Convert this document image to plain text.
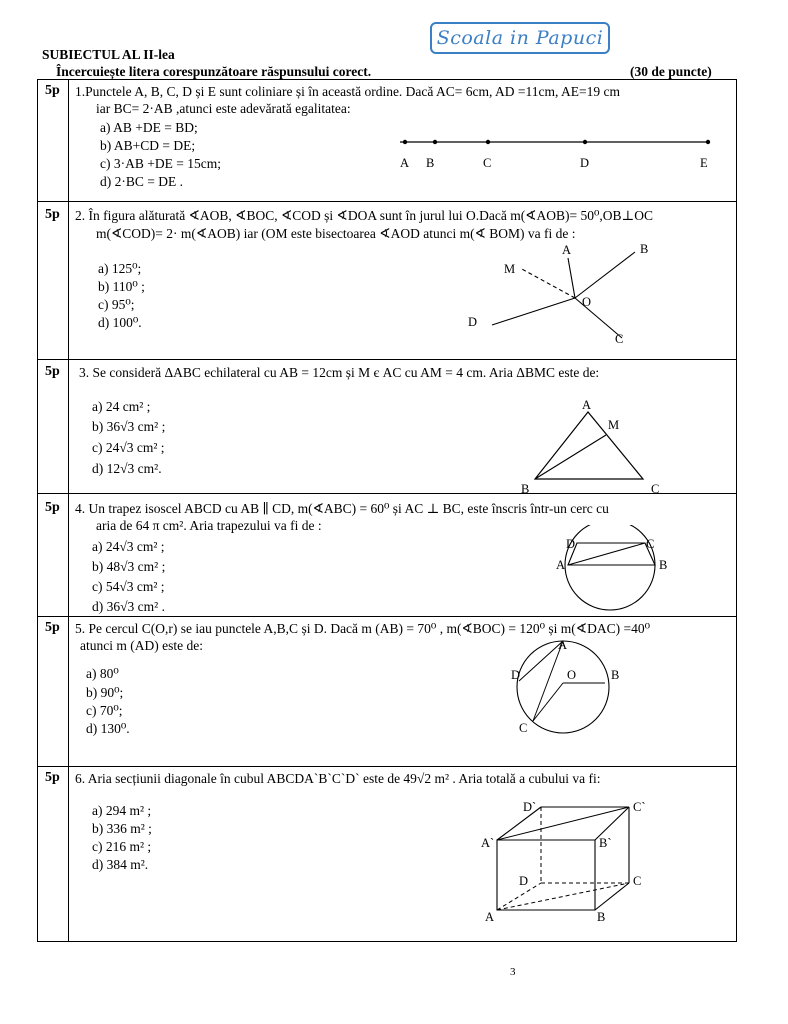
Scoala in Papuci
SUBIECTUL AL II-lea
Încercuiește litera corespunzătoare răspunsului corect.	(30 de puncte)
5p 1.Punctele A, B, C, D și E sunt coliniare și în această ordine. Dacă AC= 6cm, AD =11cm, AE=19 cm
iar BC= 2·AB ,atunci este adevărată egalitatea:
a) AB +DE = BD;
b) AB+CD = DE;
c) 3·AB +DE = 15cm;
d) 2·BC = DE .
A B	C	D	E
5p 2. În figura alăturată ∢AOB, ∢BOC, ∢COD și ∢DOA sunt în jurul lui O.Dacă m(∢AOB)= 50⁰,OB⊥OC
m(∢COD)= 2· m(∢AOB) iar (OM este bisectoarea ∢AOD atunci m(∢ BOM) va fi de :
a) 125⁰;
b) 110⁰ ;
c) 95⁰;
d) 100⁰.
A	B
M
O
D
C
5p 3. Se consideră ΔABC echilateral cu AB = 12cm și M є AC cu AM = 4 cm. Aria ΔBMC este de:
a) 24 cm² ;
b) 36√3 cm² ;
c) 24√3 cm² ;
d) 12√3 cm².
A
M
B	C
5p 4. Un trapez isoscel ABCD cu AB ∥ CD, m(∢ABC) = 60⁰ și AC ⊥ BC, este înscris într-un cerc cu
aria de 64 π cm². Aria trapezului va fi de :
a) 24√3 cm² ;
b) 48√3 cm² ;
c) 54√3 cm² ;
d) 36√3 cm² .
D	C
A	B
5p 5. Pe cercul C(O,r) se iau punctele A,B,C și D. Dacă m (AB) = 70⁰ , m(∢BOC) = 120⁰ și m(∢DAC) =40⁰
atunci m (AD) este de:
a) 80⁰
b) 90⁰;
c) 70⁰;
d) 130⁰.
A
D	O	B
C
5p 6. Aria secțiunii diagonale în cubul ABCDA`B`C`D` este de 49√2 m² . Aria totală a cubului va fi:
a) 294 m² ;
b) 336 m² ;
c) 216 m² ;
d) 384 m².
D`	C`
A`	B`
D	C
A	B
3
